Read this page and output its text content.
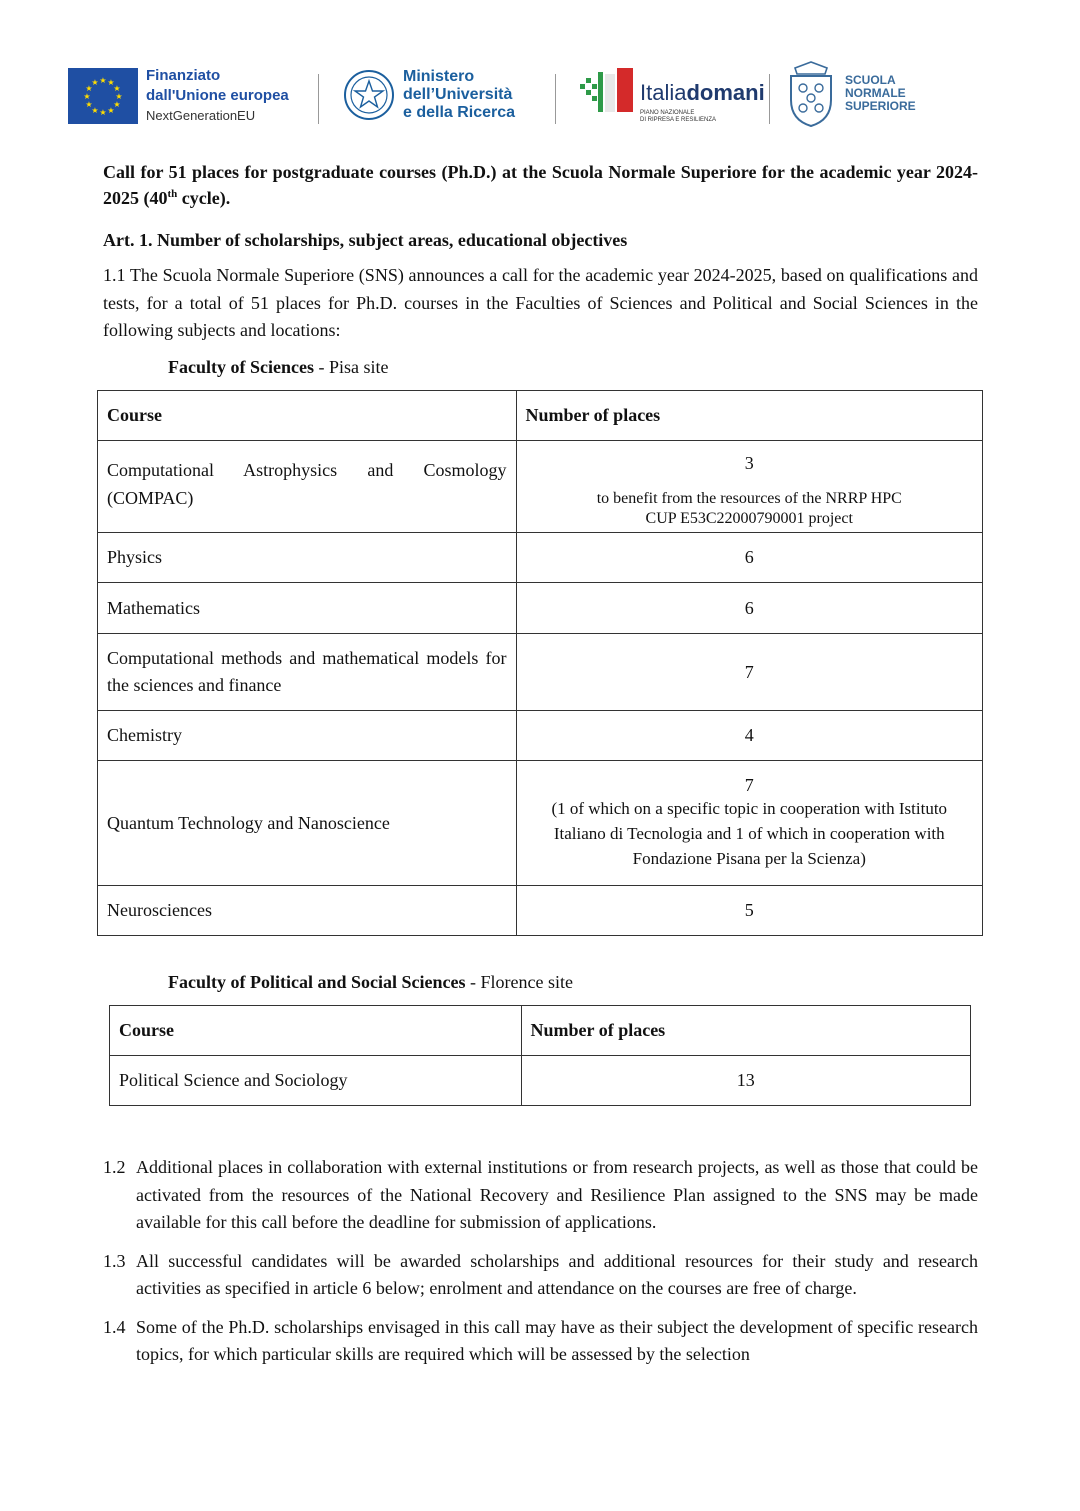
★ ★
★
★
★
★
★
★
★
★
★
★	Finanziato
dall'Unione europea
NextGenerationEU
Ministero
dell’Università
e della Ricerca
Italiadomani
PIANO NAZIONALE
DI RIPRESA E RESILIENZA
SCUOLA
NORMALE
SUPERIORE
Call for 51 places for postgraduate courses (Ph.D.) at the Scuola Normale Superiore for the academic year 2024-2025 (40th cycle).
Art. 1. Number of scholarships, subject areas, educational objectives
1.1 The Scuola Normale Superiore (SNS) announces a call for the academic year 2024-2025, based on qualifications and tests, for a total of 51 places for Ph.D. courses in the Faculties of Sciences and Political and Social Sciences in the following subjects and locations:
Faculty of Sciences - Pisa site
Course	Number of places
Computational Astrophysics and Cosmology (COMPAC)	3
to benefit from the resources of the NRRP HPC
CUP E53C22000790001 project

Physics	6
Mathematics	6
Computational methods and mathematical models for the sciences and finance	7
Chemistry	4
Quantum Technology and Nanoscience	7
(1 of which on a specific topic in cooperation with Istituto
Italiano di Tecnologia and 1 of which in cooperation with
Fondazione Pisana per la Scienza)

Neurosciences	5
Faculty of Political and Social Sciences - Florence site
Course	Number of places
Political Science and Sociology	13
1.2 Additional places in collaboration with external institutions or from research projects, as well as those that could be activated from the resources of the National Recovery and Resilience Plan assigned to the SNS may be made available for this call before the deadline for submission of applications.
1.3 All successful candidates will be awarded scholarships and additional resources for their study and research activities as specified in article 6 below; enrolment and attendance on the courses are free of charge.
1.4 Some of the Ph.D. scholarships envisaged in this call may have as their subject the development of specific research topics, for which particular skills are required which will be assessed by the selection
